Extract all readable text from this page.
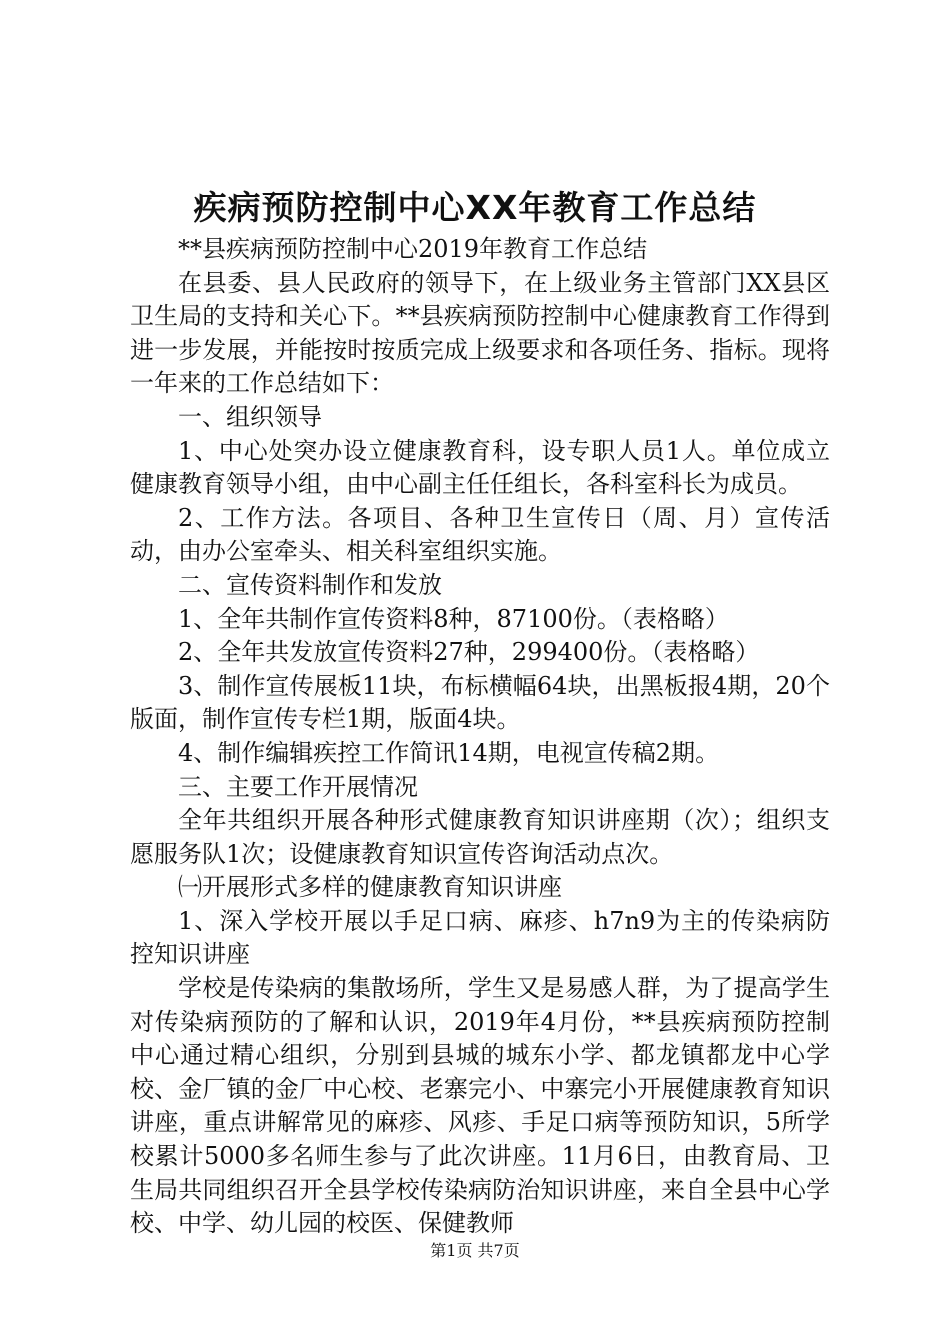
疾病预防控制中心XX年教育工作总结

**县疾病预防控制中心2019年教育工作总结

在县委、县人民政府的领导下，在上级业务主管部门XX县区卫生局的支持和关心下。**县疾病预防控制中心健康教育工作得到进一步发展，并能按时按质完成上级要求和各项任务、指标。现将一年来的工作总结如下：

一、组织领导

1、中心处突办设立健康教育科，设专职人员1人。单位成立健康教育领导小组，由中心副主任任组长，各科室科长为成员。

2、工作方法。各项目、各种卫生宣传日（周、月）宣传活动，由办公室牵头、相关科室组织实施。

二、宣传资料制作和发放

1、全年共制作宣传资料8种，87100份。（表格略）

2、全年共发放宣传资料27种，299400份。（表格略）

3、制作宣传展板11块，布标横幅64块，出黑板报4期，20个版面，制作宣传专栏1期，版面4块。

4、制作编辑疾控工作简讯14期，电视宣传稿2期。

三、主要工作开展情况

全年共组织开展各种形式健康教育知识讲座期（次）；组织支愿服务队1次；设健康教育知识宣传咨询活动点次。

㈠开展形式多样的健康教育知识讲座

1、深入学校开展以手足口病、麻疹、h7n9为主的传染病防控知识讲座

学校是传染病的集散场所，学生又是易感人群，为了提高学生对传染病预防的了解和认识，2019年4月份，**县疾病预防控制中心通过精心组织，分别到县城的城东小学、都龙镇都龙中心学校、金厂镇的金厂中心校、老寨完小、中寨完小开展健康教育知识讲座，重点讲解常见的麻疹、风疹、手足口病等预防知识，5所学校累计5000多名师生参与了此次讲座。11月6日，由教育局、卫生局共同组织召开全县学校传染病防治知识讲座，来自全县中心学校、中学、幼儿园的校医、保健教师

第1页 共7页
